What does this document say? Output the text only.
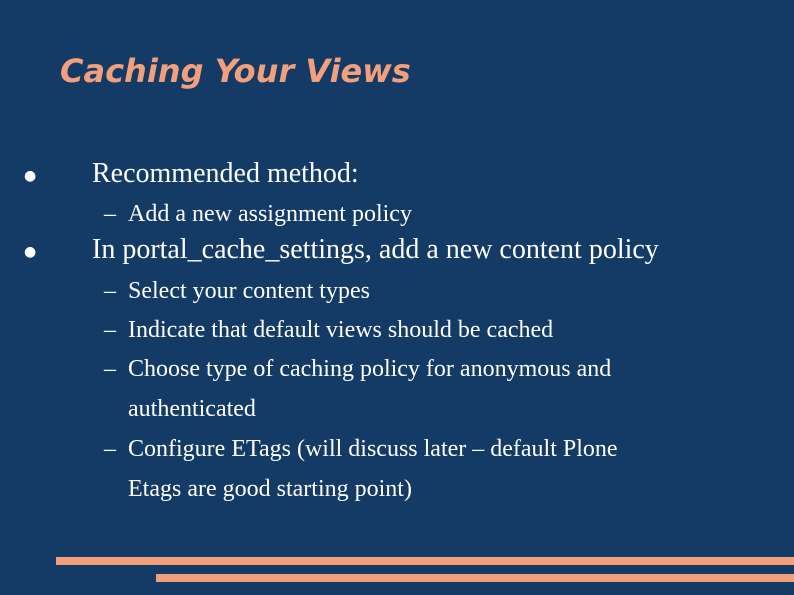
Caching Your Views
● Recommended method:
– Add a new assignment policy
● In portal_cache_settings, add a new content policy
– Select your content types
– Indicate that default views should be cached
– Choose type of caching policy for anonymous and
authenticated
– Configure ETags (will discuss later – default Plone
Etags are good starting point)
